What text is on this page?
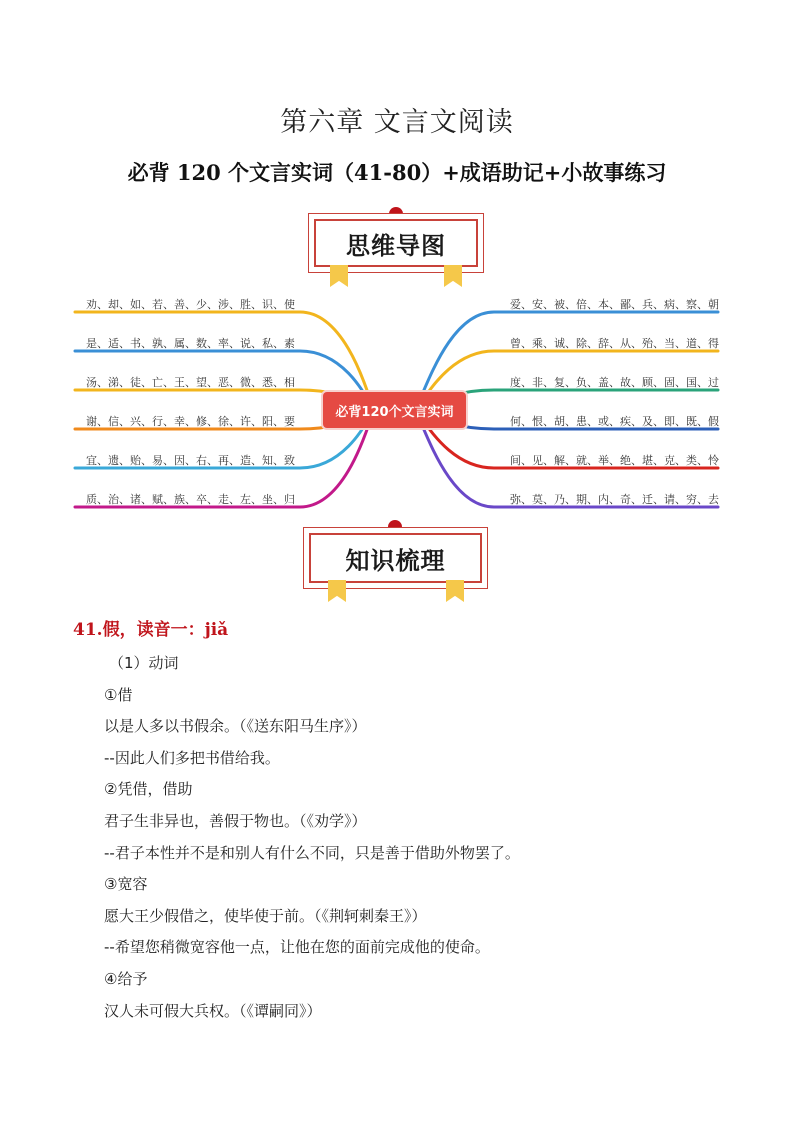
第六章 文言文阅读
必背 120 个文言实词（41-80）+成语助记+小故事练习
思维导图
劝、却、如、若、善、少、涉、胜、识、使
是、适、书、孰、属、数、率、说、私、素
汤、涕、徒、亡、王、望、恶、微、悉、相
谢、信、兴、行、幸、修、徐、许、阳、要
宜、遗、贻、易、因、右、再、造、知、致
质、治、诸、赋、族、卒、走、左、坐、归
爱、安、被、倍、本、鄙、兵、病、察、朝
曾、乘、诚、除、辞、从、殆、当、道、得
度、非、复、负、盖、故、顾、固、国、过
何、恨、胡、患、或、疾、及、即、既、假
间、见、解、就、举、绝、堪、克、类、怜
弥、莫、乃、期、内、奇、迁、请、穷、去
必背120个文言实词
知识梳理
41.假，读音一：jiǎ
（1）动词
①借
以是人多以书假余。（《送东阳马生序》）
--因此人们多把书借给我。
②凭借，借助
君子生非异也，善假于物也。（《劝学》）
--君子本性并不是和别人有什么不同，只是善于借助外物罢了。
③宽容
愿大王少假借之，使毕使于前。（《荆轲刺秦王》）
--希望您稍微宽容他一点，让他在您的面前完成他的使命。
④给予
汉人未可假大兵权。（《谭嗣同》）
